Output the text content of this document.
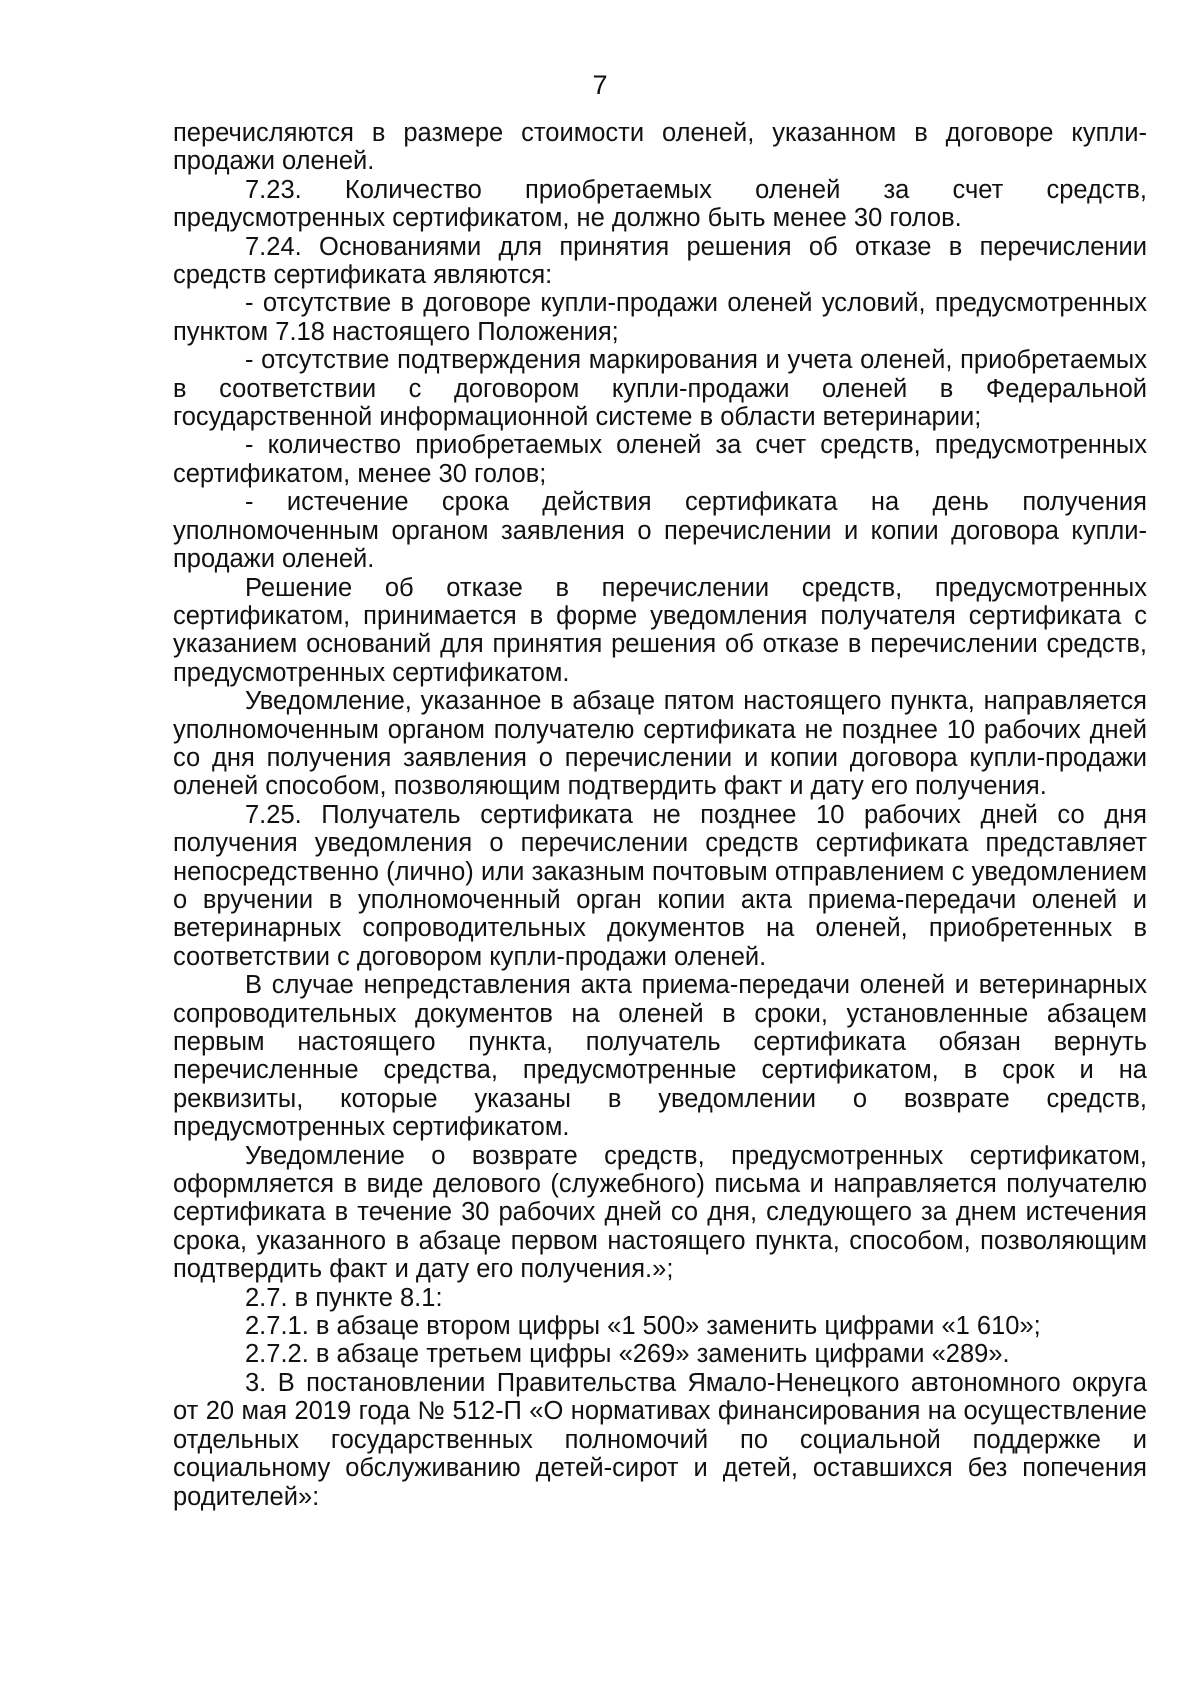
7

перечисляются в размере стоимости оленей, указанном в договоре купли-продажи оленей.

7.23. Количество приобретаемых оленей за счет средств, предусмотренных сертификатом, не должно быть менее 30 голов.

7.24. Основаниями для принятия решения об отказе в перечислении средств сертификата являются:

- отсутствие в договоре купли-продажи оленей условий, предусмотренных пунктом 7.18 настоящего Положения;

- отсутствие подтверждения маркирования и учета оленей, приобретаемых в соответствии с договором купли-продажи оленей в Федеральной государственной информационной системе в области ветеринарии;

- количество приобретаемых оленей за счет средств, предусмотренных сертификатом, менее 30 голов;

- истечение срока действия сертификата на день получения уполномоченным органом заявления о перечислении и копии договора купли-продажи оленей.

Решение об отказе в перечислении средств, предусмотренных сертификатом, принимается в форме уведомления получателя сертификата с указанием оснований для принятия решения об отказе в перечислении средств, предусмотренных сертификатом.

Уведомление, указанное в абзаце пятом настоящего пункта, направляется уполномоченным органом получателю сертификата не позднее 10 рабочих дней со дня получения заявления о перечислении и копии договора купли-продажи оленей способом, позволяющим подтвердить факт и дату его получения.

7.25. Получатель сертификата не позднее 10 рабочих дней со дня получения уведомления о перечислении средств сертификата представляет непосредственно (лично) или заказным почтовым отправлением с уведомлением о вручении в уполномоченный орган копии акта приема-передачи оленей и ветеринарных сопроводительных документов на оленей, приобретенных в соответствии с договором купли-продажи оленей.

В случае непредставления акта приема-передачи оленей и ветеринарных сопроводительных документов на оленей в сроки, установленные абзацем первым настоящего пункта, получатель сертификата обязан вернуть перечисленные средства, предусмотренные сертификатом, в срок и на реквизиты, которые указаны в уведомлении о возврате средств, предусмотренных сертификатом.

Уведомление о возврате средств, предусмотренных сертификатом, оформляется в виде делового (служебного) письма и направляется получателю сертификата в течение 30 рабочих дней со дня, следующего за днем истечения срока, указанного в абзаце первом настоящего пункта, способом, позволяющим подтвердить факт и дату его получения.»;

2.7. в пункте 8.1:

2.7.1. в абзаце втором цифры «1 500» заменить цифрами «1 610»;

2.7.2. в абзаце третьем цифры «269» заменить цифрами «289».

3. В постановлении Правительства Ямало-Ненецкого автономного округа от 20 мая 2019 года № 512-П «О нормативах финансирования на осуществление отдельных государственных полномочий по социальной поддержке и социальному обслуживанию детей-сирот и детей, оставшихся без попечения родителей»:
